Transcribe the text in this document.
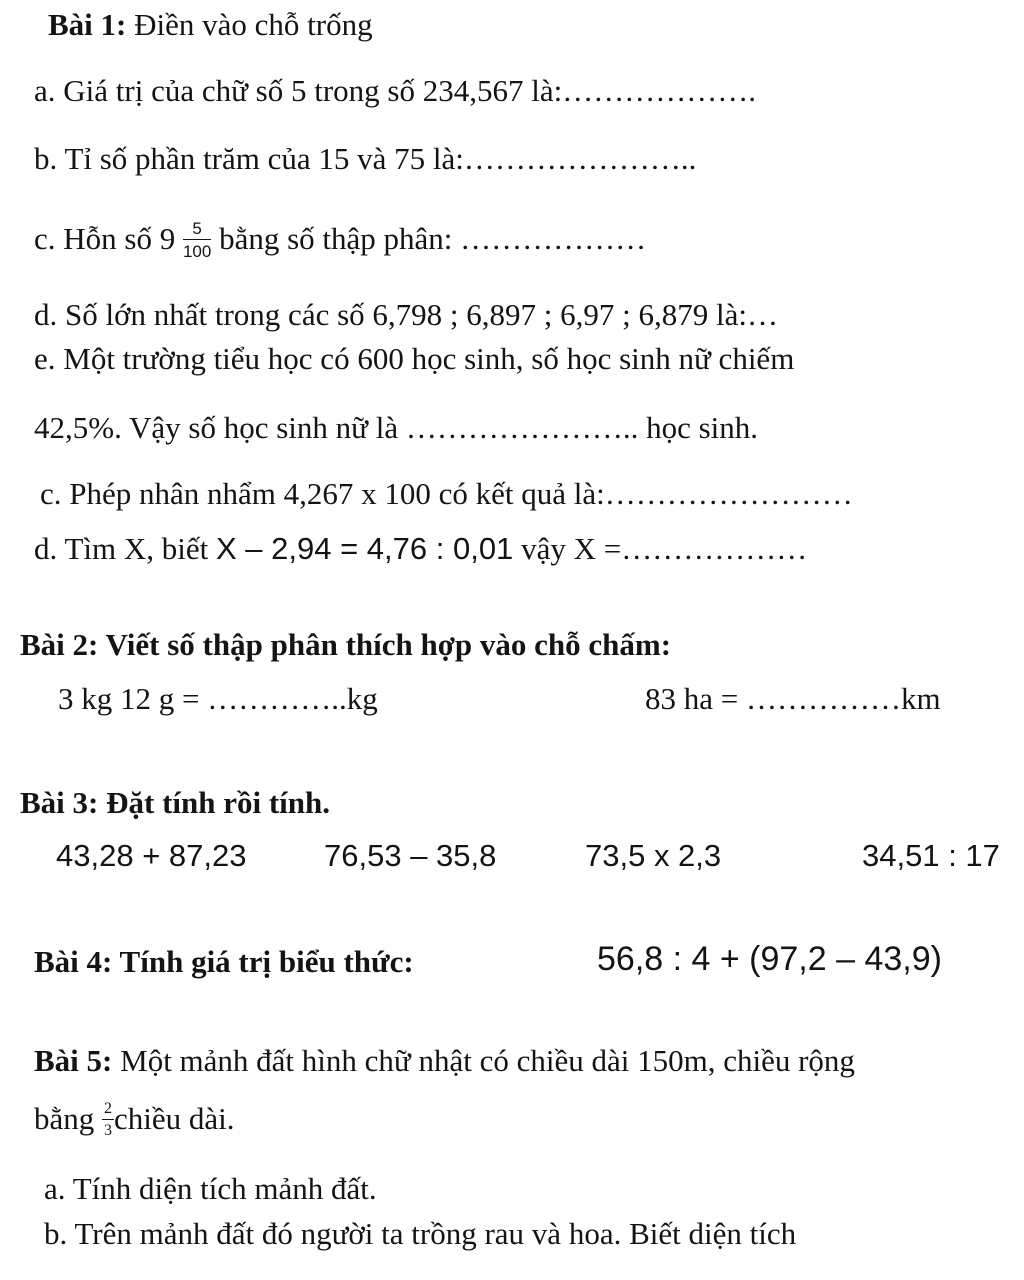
Bài 1: Điền vào chỗ trống
a. Giá trị của chữ số 5 trong số 234,567 là:……………….
b. Tỉ số phần trăm của 15 và 75 là:…………………..
c. Hỗn số $9 \frac{5}{100}$ bằng số thập phân: ………………
d. Số lớn nhất trong các số 6,798 ; 6,897 ; 6,97 ; 6,879 là:…
e. Một trường tiểu học có 600 học sinh, số học sinh nữ chiếm
42,5%. Vậy số học sinh nữ là ………………….. học sinh.
c. Phép nhân nhẩm 4,267 x 100 có kết quả là:……………………
d. Tìm X, biết X – 2,94 = 4,76 : 0,01 vậy X =………………
Bài 2: Viết số thập phân thích hợp vào chỗ chấm:
3 kg 12 g = …………..kg	83 ha = ……………km
Bài 3: Đặt tính rồi tính.
43,28 + 87,23	76,53 – 35,8	73,5 x 2,3	34,51 : 17
Bài 4: Tính giá trị biểu thức:	56,8 : 4 + (97,2 – 43,9)
Bài 5: Một mảnh đất hình chữ nhật có chiều dài 150m, chiều rộng
bằng $\frac{2}{3}$ chiều dài.
a. Tính diện tích mảnh đất.
b. Trên mảnh đất đó người ta trồng rau và hoa. Biết diện tích
